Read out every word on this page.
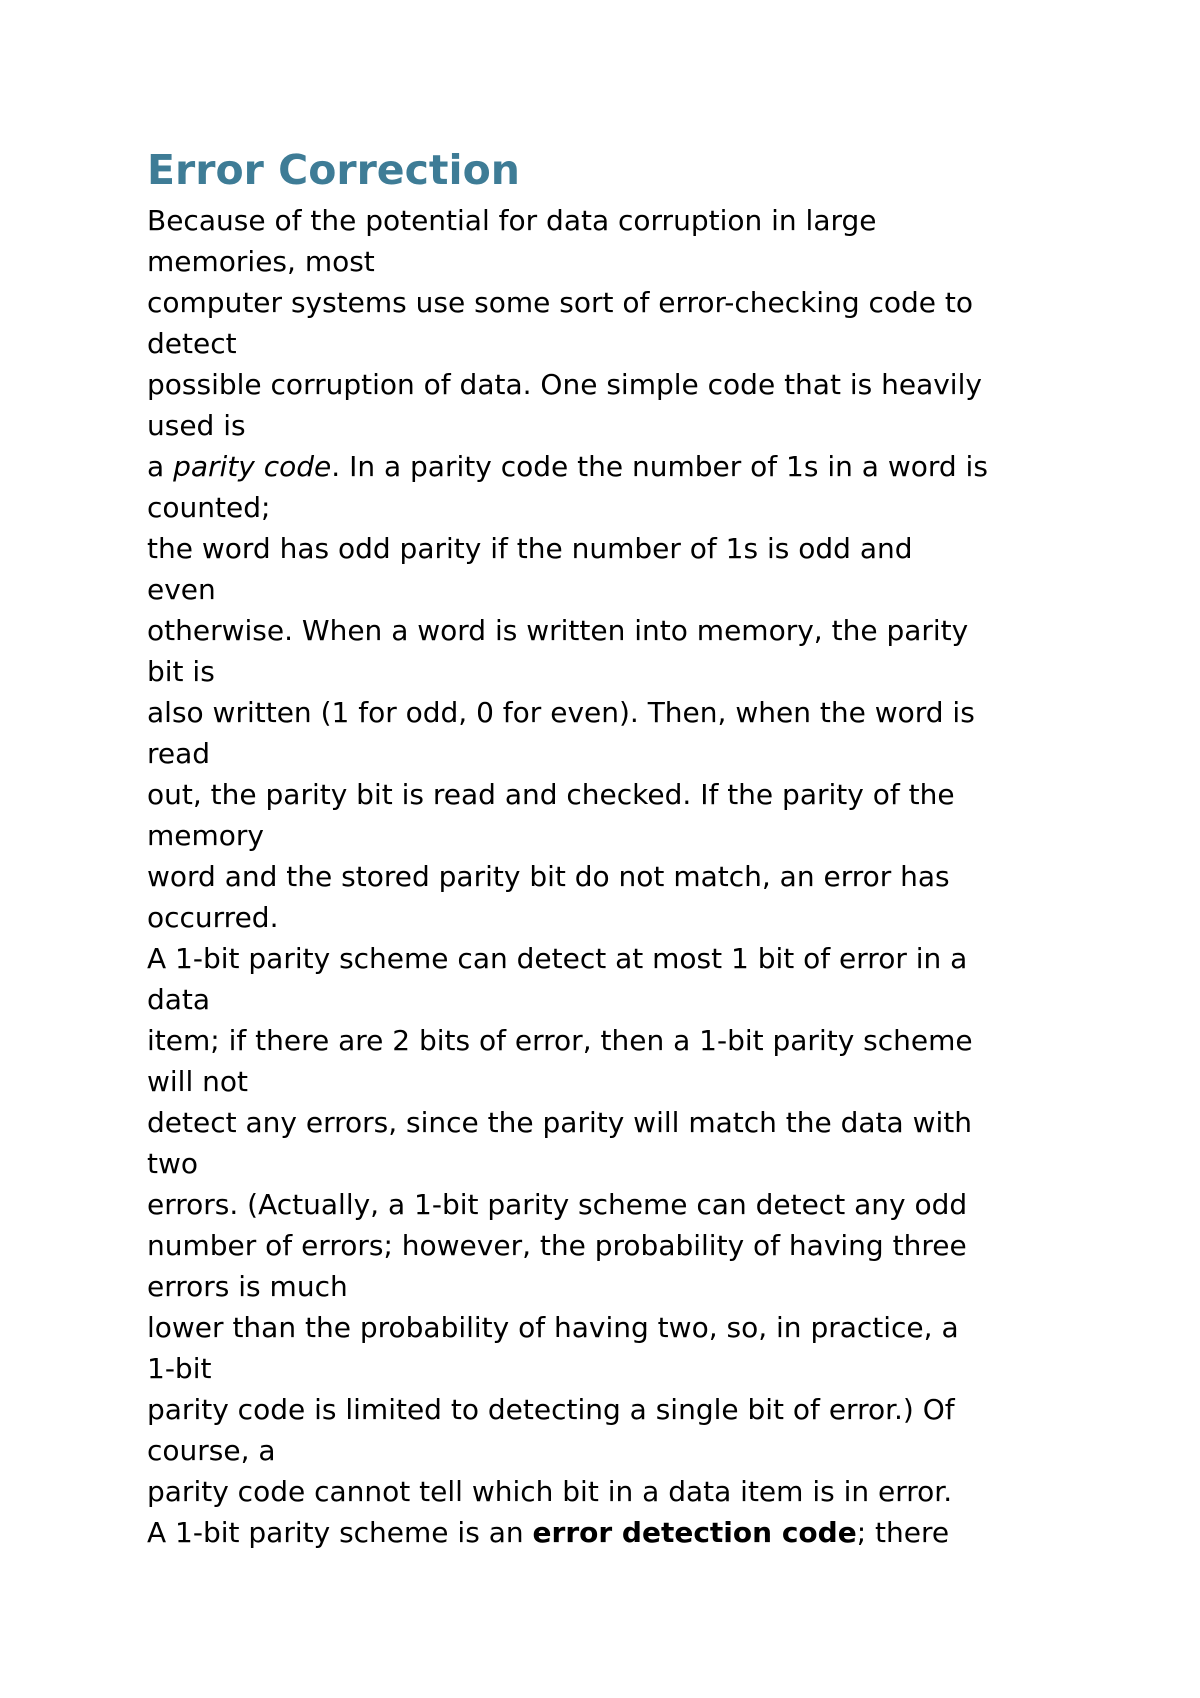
Error Correction
Because of the potential for data corruption in large
memories, most
computer systems use some sort of error-checking code to
detect
possible corruption of data. One simple code that is heavily
used is
a parity code. In a parity code the number of 1s in a word is
counted;
the word has odd parity if the number of 1s is odd and
even
otherwise. When a word is written into memory, the parity
bit is
also written (1 for odd, 0 for even). Then, when the word is
read
out, the parity bit is read and checked. If the parity of the
memory
word and the stored parity bit do not match, an error has
occurred.
A 1-bit parity scheme can detect at most 1 bit of error in a
data
item; if there are 2 bits of error, then a 1-bit parity scheme
will not
detect any errors, since the parity will match the data with
two
errors. (Actually, a 1-bit parity scheme can detect any odd
number of errors; however, the probability of having three
errors is much
lower than the probability of having two, so, in practice, a
1-bit
parity code is limited to detecting a single bit of error.) Of
course, a
parity code cannot tell which bit in a data item is in error.
A 1-bit parity scheme is an error detection code; there
